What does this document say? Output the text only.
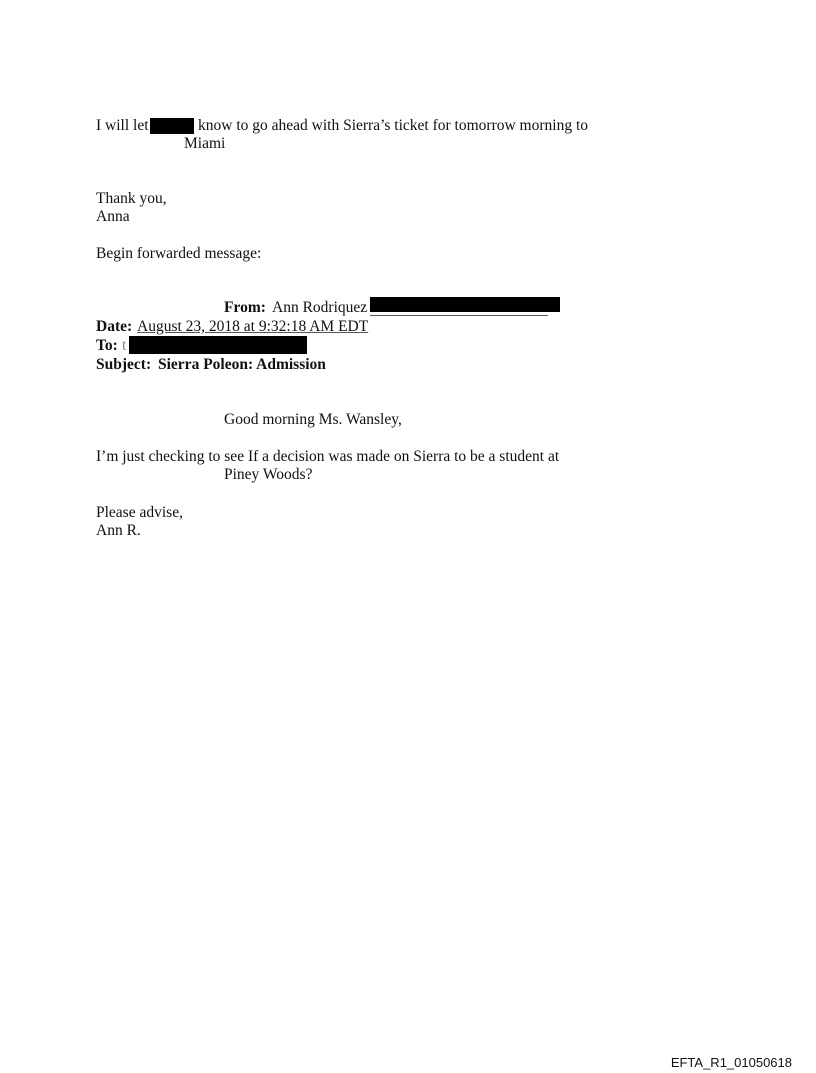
I will let	know to go ahead with Sierra’s ticket for tomorrow morning to
Miami
Thank you,
Anna
Begin forwarded message:
From: Ann Rodriquez
Date: August 23, 2018 at 9:32:18 AM EDT
To: t
Subject: Sierra Poleon: Admission
Good morning Ms. Wansley,
I’m just checking to see If a decision was made on Sierra to be a student at
Piney Woods?
Please advise,
Ann R.
EFTA_R1_01050618
